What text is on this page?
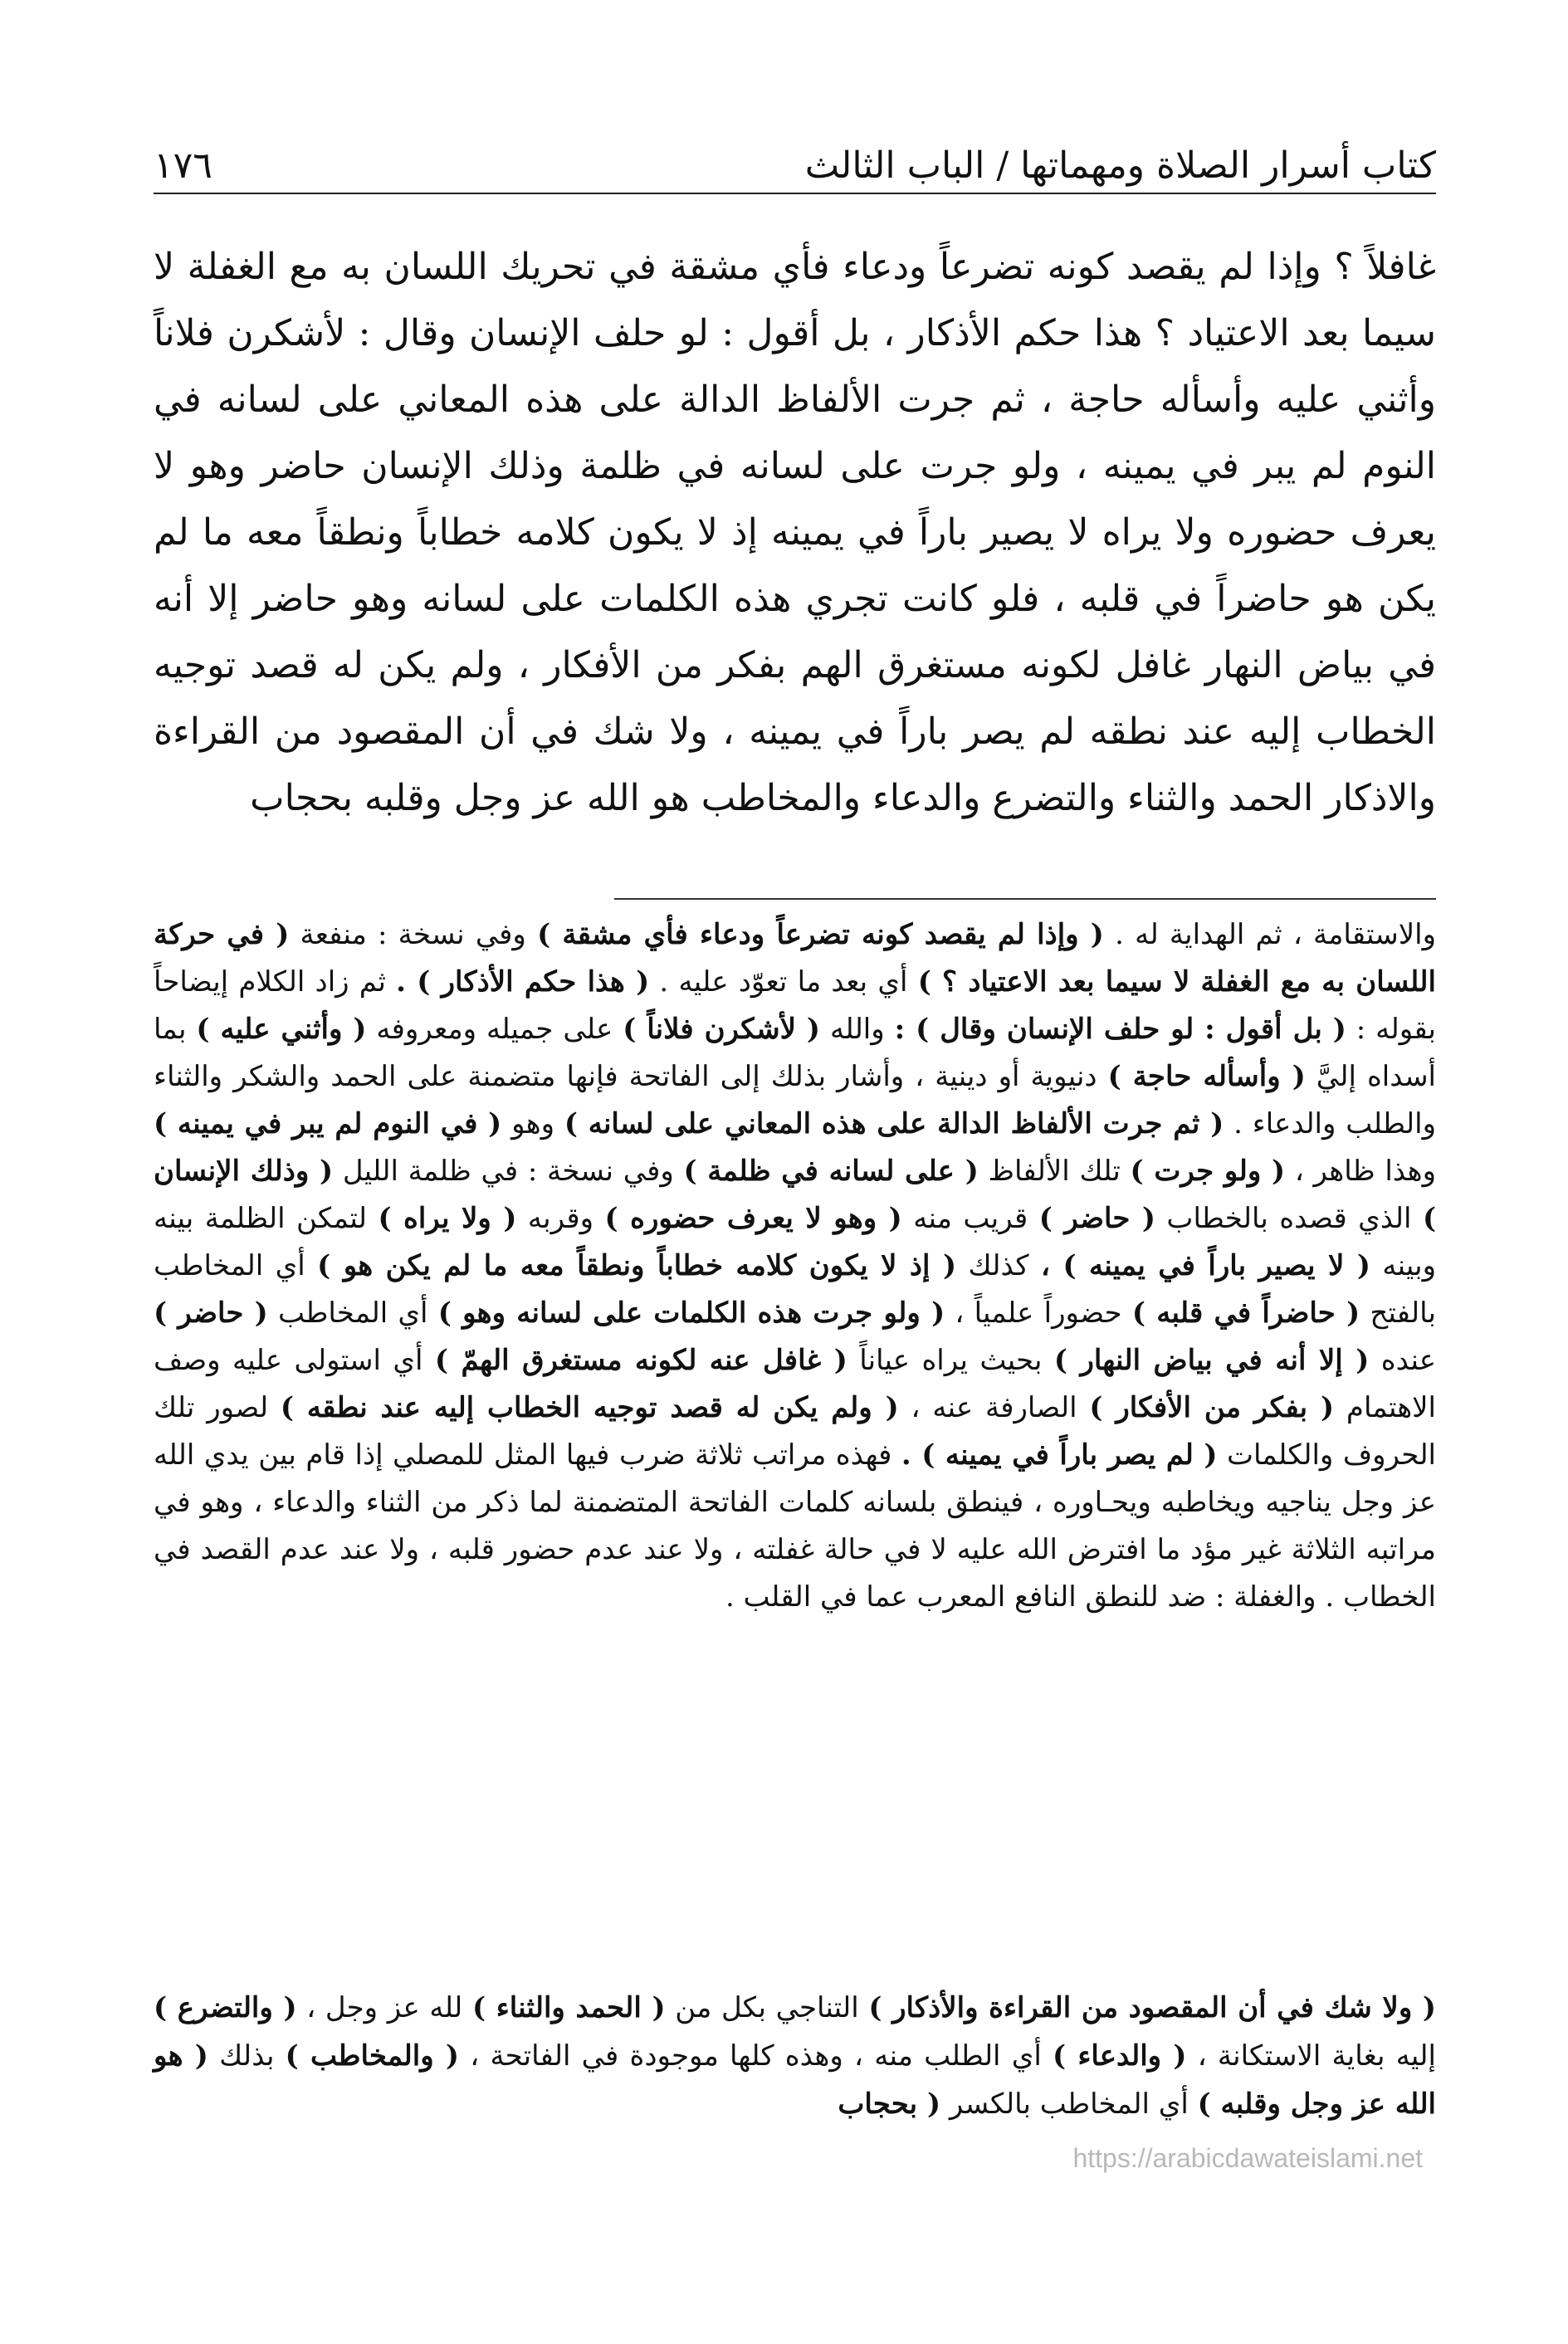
كتاب أسرار الصلاة ومهماتها / الباب الثالث
١٧٦

غافلاً ؟ وإذا لم يقصد كونه تضرعاً ودعاء فأي مشقة في تحريك اللسان به مع الغفلة لا سيما بعد الاعتياد ؟ هذا حكم الأذكار ، بل أقول : لو حلف الإنسان وقال : لأشكرن فلاناً وأثني عليه وأسأله حاجة ، ثم جرت الألفاظ الدالة على هذه المعاني على لسانه في النوم لم يبر في يمينه ، ولو جرت على لسانه في ظلمة وذلك الإنسان حاضر وهو لا يعرف حضوره ولا يراه لا يصير باراً في يمينه إذ لا يكون كلامه خطاباً ونطقاً معه ما لم يكن هو حاضراً في قلبه ، فلو كانت تجري هذه الكلمات على لسانه وهو حاضر إلا أنه في بياض النهار غافل لكونه مستغرق الهم بفكر من الأفكار ، ولم يكن له قصد توجيه الخطاب إليه عند نطقه لم يصر باراً في يمينه ، ولا شك في أن المقصود من القراءة والاذكار الحمد والثناء والتضرع والدعاء والمخاطب هو الله عز وجل وقلبه بحجاب

والاستقامة ، ثم الهداية له . ( وإذا لم يقصد كونه تضرعاً ودعاء فأي مشقة ) وفي نسخة : منفعة ( في حركة اللسان به مع الغفلة لا سيما بعد الاعتياد ؟ ) أي بعد ما تعوّد عليه . ( هذا حكم الأذكار ) . ثم زاد الكلام إيضاحاً بقوله : ( بل أقول : لو حلف الإنسان وقال ) : والله ( لأشكرن فلاناً ) على جميله ومعروفه ( وأثني عليه ) بما أسداه إليَّ ( وأسأله حاجة ) دنيوية أو دينية ، وأشار بذلك إلى الفاتحة فإنها متضمنة على الحمد والشكر والثناء والطلب والدعاء . ( ثم جرت الألفاظ الدالة على هذه المعاني على لسانه ) وهو ( في النوم لم يبر في يمينه ) وهذا ظاهر ، ( ولو جرت ) تلك الألفاظ ( على لسانه في ظلمة ) وفي نسخة : في ظلمة الليل ( وذلك الإنسان ) الذي قصده بالخطاب ( حاضر ) قريب منه ( وهو لا يعرف حضوره ) وقربه ( ولا يراه ) لتمكن الظلمة بينه وبينه ( لا يصير باراً في يمينه ) ، كذلك ( إذ لا يكون كلامه خطاباً ونطقاً معه ما لم يكن هو ) أي المخاطب بالفتح ( حاضراً في قلبه ) حضوراً علمياً ، ( ولو جرت هذه الكلمات على لسانه وهو ) أي المخاطب ( حاضر ) عنده ( إلا أنه في بياض النهار ) بحيث يراه عياناً ( غافل عنه لكونه مستغرق الهمّ ) أي استولى عليه وصف الاهتمام ( بفكر من الأفكار ) الصارفة عنه ، ( ولم يكن له قصد توجيه الخطاب إليه عند نطقه ) لصور تلك الحروف والكلمات ( لم يصر باراً في يمينه ) . فهذه مراتب ثلاثة ضرب فيها المثل للمصلي إذا قام بين يدي الله عز وجل يناجيه ويخاطبه ويحـاوره ، فينطق بلسانه كلمات الفاتحة المتضمنة لما ذكر من الثناء والدعاء ، وهو في مراتبه الثلاثة غير مؤد ما افترض الله عليه لا في حالة غفلته ، ولا عند عدم حضور قلبه ، ولا عند عدم القصد في الخطاب . والغفلة : ضد للنطق النافع المعرب عما في القلب .

( ولا شك في أن المقصود من القراءة والأذكار ) التناجي بكل من ( الحمد والثناء ) لله عز وجل ، ( والتضرع ) إليه بغاية الاستكانة ، ( والدعاء ) أي الطلب منه ، وهذه كلها موجودة في الفاتحة ، ( والمخاطب ) بذلك ( هو الله عز وجل وقلبه ) أي المخاطب بالكسر ( بحجاب

https://arabicdawateislami.net
